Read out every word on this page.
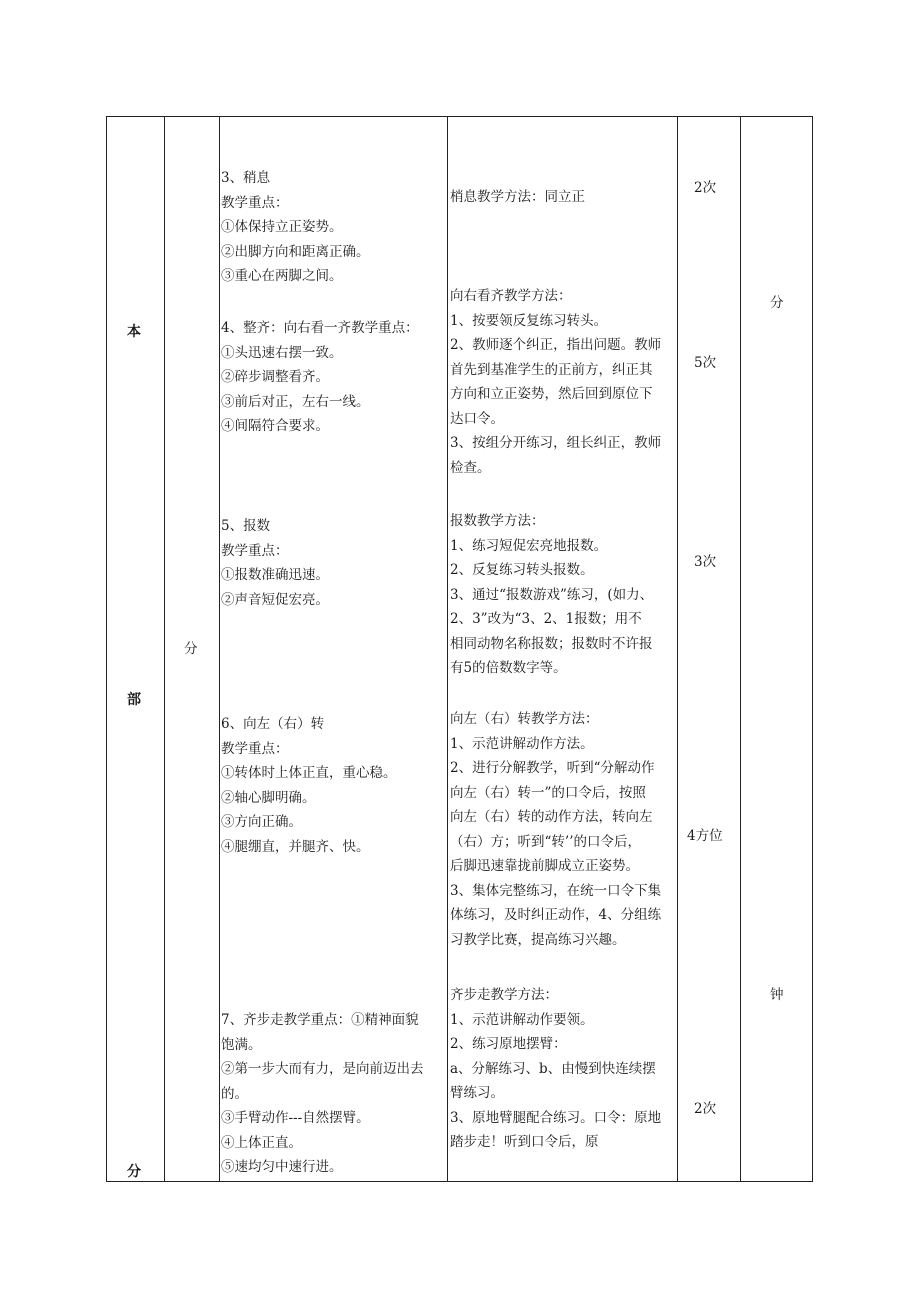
本
部
分
分
分
钟
2次
5次
3次
4方位
2次
3、稍息
教学重点：
①体保持立正姿势。
②出脚方向和距离正确。
③重心在两脚之间。
4、整齐：向右看一齐教学重点：
①头迅速右摆一致。
②碎步调整看齐。
③前后对正，左右一线。
④间隔符合要求。
5、报数
教学重点：
①报数准确迅速。
②声音短促宏亮。
6、向左（右）转
教学重点：
①转体时上体正直，重心稳。
②轴心脚明确。
③方向正确。
④腿绷直，并腿齐、快。
7、齐步走教学重点：①精神面貌
饱满。
②第一步大而有力，是向前迈出去
的。
③手臂动作---自然摆臂。
④上体正直。
⑤速均匀中速行进。
梢息教学方法：同立正
向右看齐教学方法：
1、按要领反复练习转头。
2、教师逐个纠正，指出问题。教师
首先到基准学生的正前方，纠正其
方向和立正姿势，然后回到原位下
达口令。
3、按组分开练习，组长纠正，教师
检查。
报数教学方法：
1、练习短促宏亮地报数。
2、反复练习转头报数。
3、通过“报数游戏”练习，(如力、
2、3”改为“3、2、1报数；用不
相同动物名称报数；报数时不许报
有5的倍数数字等。
向左（右）转教学方法：
1、示范讲解动作方法。
2、进行分解教学，听到“分解动作
向左（右）转一”的口令后，按照
向左（右）转的动作方法，转向左
（右）方；听到“转’’的口令后，
后脚迅速靠拢前脚成立正姿势。
3、集体完整练习，在统一口令下集
体练习，及时纠正动作，4、分组练
习教学比赛，提高练习兴趣。
齐步走教学方法：
1、示范讲解动作要领。
2、练习原地摆臂：
a、分解练习、b、由慢到快连续摆
臂练习。
3、原地臂腿配合练习。口令：原地
踏步走！听到口令后，原
